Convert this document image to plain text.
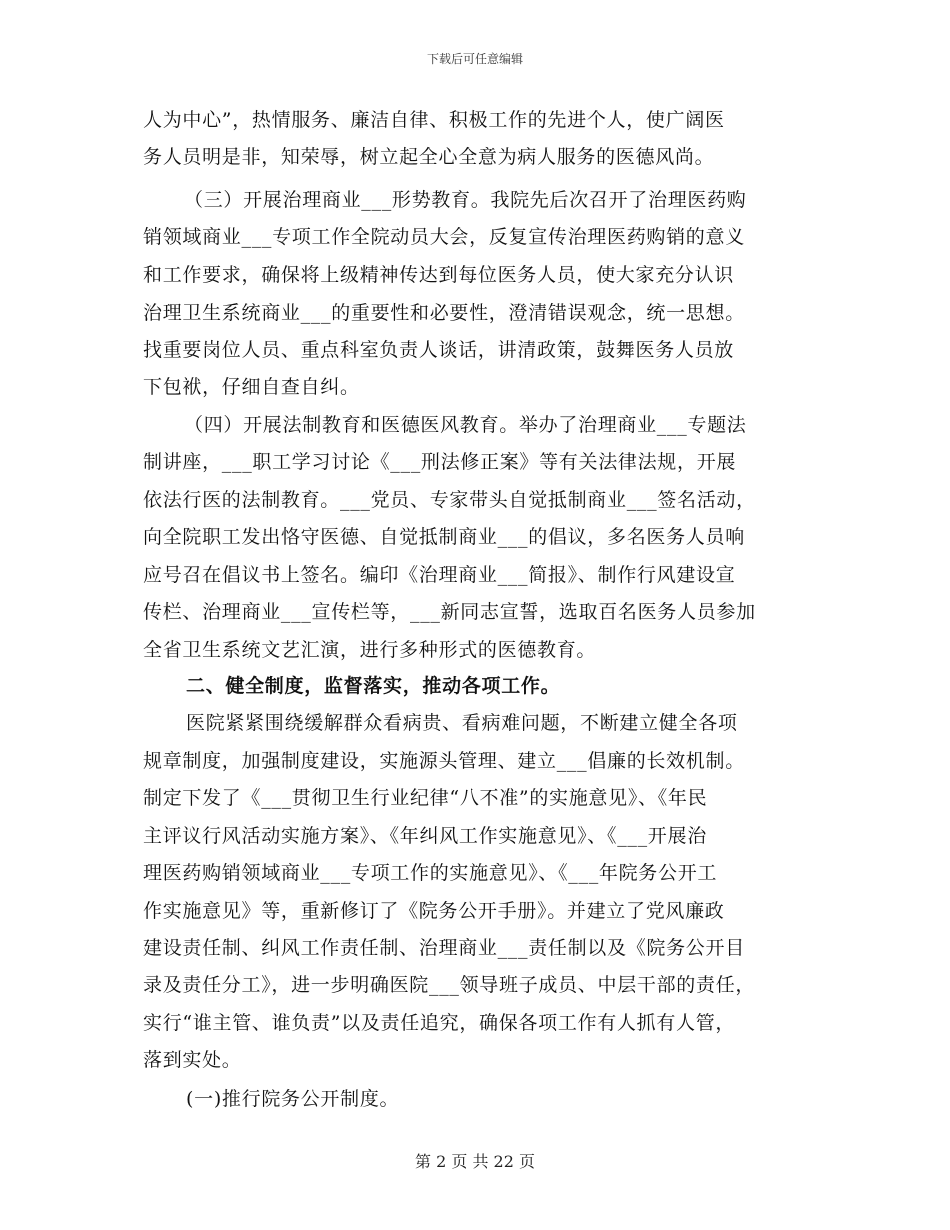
下载后可任意编辑
人为中心”，热情服务、廉洁自律、积极工作的先进个人，使广阔医
务人员明是非，知荣辱，树立起全心全意为病人服务的医德风尚。
（三）开展治理商业___形势教育。我院先后次召开了治理医药购
销领域商业___专项工作全院动员大会，反复宣传治理医药购销的意义
和工作要求，确保将上级精神传达到每位医务人员，使大家充分认识
治理卫生系统商业___的重要性和必要性，澄清错误观念，统一思想。
找重要岗位人员、重点科室负责人谈话，讲清政策，鼓舞医务人员放
下包袱，仔细自查自纠。
（四）开展法制教育和医德医风教育。举办了治理商业___专题法
制讲座，___职工学习讨论《___刑法修正案》等有关法律法规，开展
依法行医的法制教育。___党员、专家带头自觉抵制商业___签名活动，
向全院职工发出恪守医德、自觉抵制商业___的倡议，多名医务人员响
应号召在倡议书上签名。编印《治理商业___简报》、制作行风建设宣
传栏、治理商业___宣传栏等，___新同志宣誓，选取百名医务人员参加
全省卫生系统文艺汇演，进行多种形式的医德教育。
二、健全制度，监督落实，推动各项工作。
医院紧紧围绕缓解群众看病贵、看病难问题，不断建立健全各项
规章制度，加强制度建设，实施源头管理、建立___倡廉的长效机制。
制定下发了《___贯彻卫生行业纪律“八不准”的实施意见》、《年民
主评议行风活动实施方案》、《年纠风工作实施意见》、《___开展治
理医药购销领域商业___专项工作的实施意见》、《___年院务公开工
作实施意见》等，重新修订了《院务公开手册》。并建立了党风廉政
建设责任制、纠风工作责任制、治理商业___责任制以及《院务公开目
录及责任分工》，进一步明确医院___领导班子成员、中层干部的责任，
实行“谁主管、谁负责”以及责任追究，确保各项工作有人抓有人管，
落到实处。
(一)推行院务公开制度。
第 2 页 共 22 页
